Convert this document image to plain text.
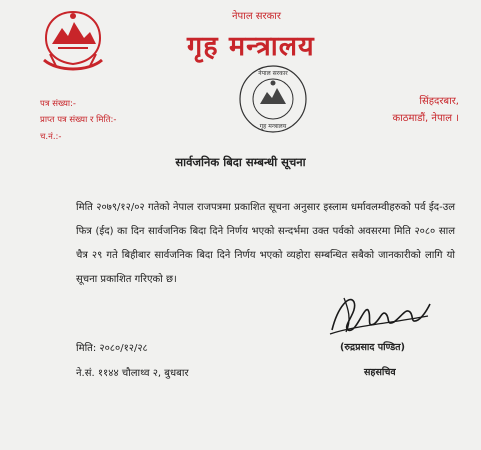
नेपाल सरकार
गृह मन्त्रालय
पत्र संख्या:-
प्राप्त पत्र संख्या र मिति:-
च.नं.:-
नेपाल सरकार
गृह मन्त्रालय
सिंहदरबार,
काठमाडौं, नेपाल ।
सार्वजनिक बिदा सम्बन्धी सूचना
मिति २०७९/१२/०२ गतेको नेपाल राजपत्रमा प्रकाशित सूचना अनुसार इस्लाम धर्मावलम्वीहरुको पर्व ईद-उल फित्र (ईद) का दिन सार्वजनिक बिदा दिने निर्णय भएको सन्दर्भमा उक्त पर्वको अवसरमा मिति २०८० साल चैत्र २९ गते बिहीबार सार्वजनिक बिदा दिने निर्णय भएको व्यहोरा सम्बन्धित सबैको जानकारीको लागि यो सूचना प्रकाशित गरिएको छ।
मिति: २०८०/१२/२८
ने.सं. ११४४ चौलाथ्व २, बुधबार
(रुद्रप्रसाद पण्डित)
सहसचिव
